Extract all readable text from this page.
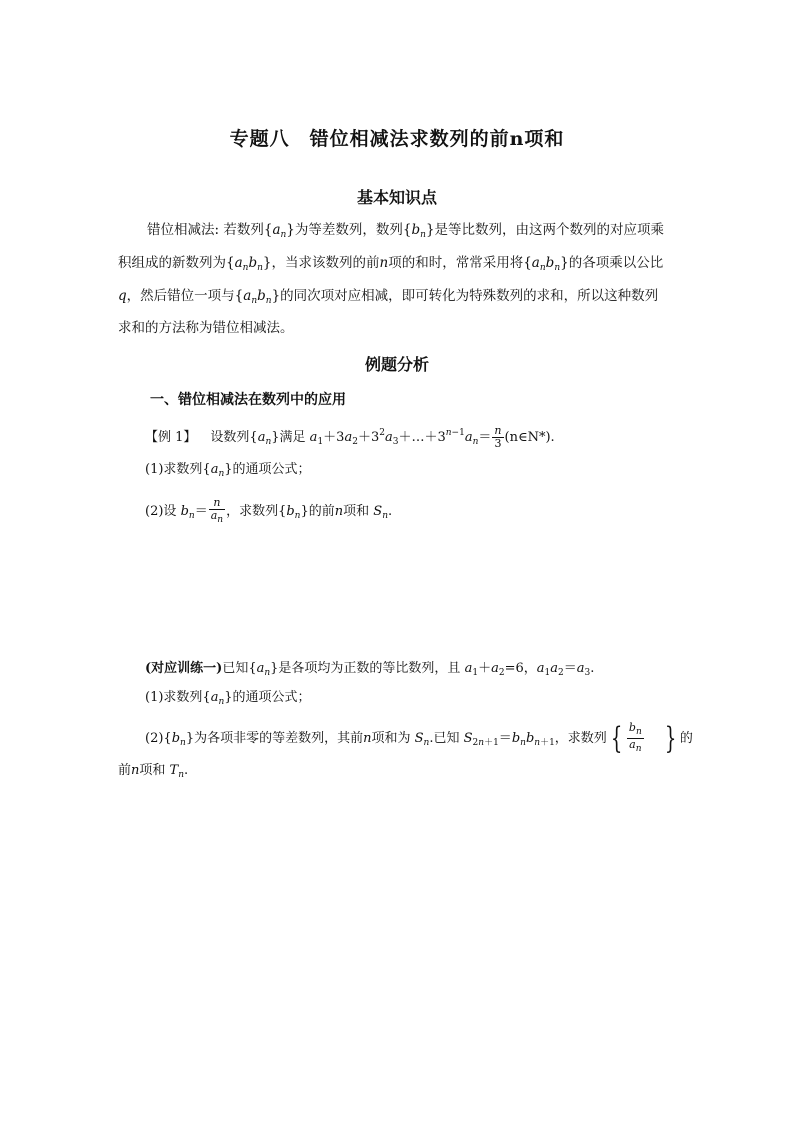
专题八　错位相减法求数列的前n项和
基本知识点
错位相减法: 若数列$\{a_n\}$为等差数列，数列$\{b_n\}$是等比数列，由这两个数列的对应项乘
积组成的新数列为$\{a_nb_n\}$，当求该数列的前n项的和时，常常采用将$\{a_nb_n\}$的各项乘以公比
q，然后错位一项与$\{a_nb_n\}$的同次项对应相减，即可转化为特殊数列的求和，所以这种数列
求和的方法称为错位相减法。
例题分析
一、错位相减法在数列中的应用
【例 1】 设数列$\{a_n\}$满足 $a_1+3a_2+3^2a_3+\dots+3^{n-1}a_n= \frac{n}{3}$ (n∈N*).
(1)求数列$\{a_n\}$的通项公式；
(2)设 $b_n= \frac{n}{a_n}$ ，求数列$\{b_n\}$的前n项和 $S_n$.
(对应训练一)已知$\{a_n\}$是各项均为正数的等比数列，且 $a_1+a_2=6$，$a_1a_2=a_3$.
(1)求数列$\{a_n\}$的通项公式；
$(2)\{b_n\}$为各项非零的等差数列，其前n项和为 $S_n$.已知 $S_{2n+1}=b_nb_{n+1}$，求数列 { $\frac{b_n}{a_n}$ } 的
前n项和 $T_n$.
